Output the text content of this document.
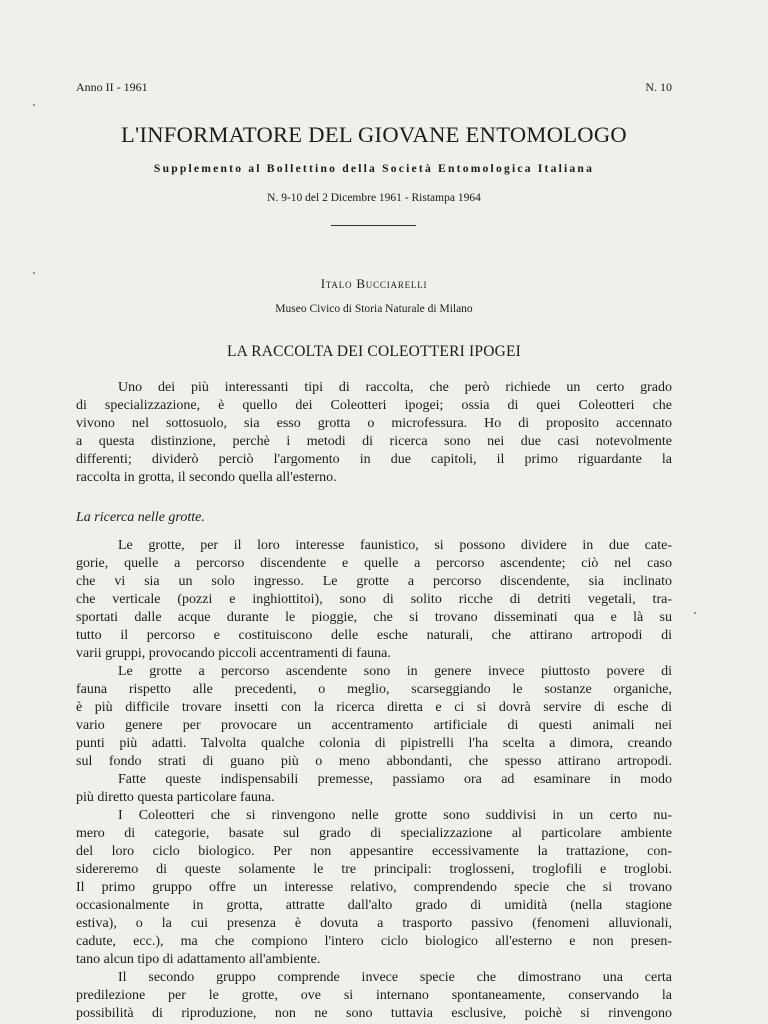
Anno II - 1961	N. 10
L'INFORMATORE DEL GIOVANE ENTOMOLOGO
Supplemento al Bollettino della Società Entomologica Italiana
N. 9-10 del 2 Dicembre 1961 - Ristampa 1964
Italo Bucciarelli
Museo Civico di Storia Naturale di Milano
LA RACCOLTA DEI COLEOTTERI IPOGEI
Uno dei più interessanti tipi di raccolta, che però richiede un certo grado
di specializzazione, è quello dei Coleotteri ipogei; ossia di quei Coleotteri che
vivono nel sottosuolo, sia esso grotta o microfessura. Ho di proposito accennato
a questa distinzione, perchè i metodi di ricerca sono nei due casi notevolmente
differenti; dividerò perciò l'argomento in due capitoli, il primo riguardante la
raccolta in grotta, il secondo quella all'esterno.
La ricerca nelle grotte.
Le grotte, per il loro interesse faunistico, si possono dividere in due cate-
gorie, quelle a percorso discendente e quelle a percorso ascendente; ciò nel caso
che vi sia un solo ingresso. Le grotte a percorso discendente, sia inclinato
che verticale (pozzi e inghiottitoi), sono di solito ricche di detriti vegetali, tra-
sportati dalle acque durante le pioggie, che si trovano disseminati qua e là su
tutto il percorso e costituiscono delle esche naturali, che attirano artropodi di
varii gruppi, provocando piccoli accentramenti di fauna.
Le grotte a percorso ascendente sono in genere invece piuttosto povere di
fauna rispetto alle precedenti, o meglio, scarseggiando le sostanze organiche,
è più difficile trovare insetti con la ricerca diretta e ci si dovrà servire di esche di
vario genere per provocare un accentramento artificiale di questi animali nei
punti più adatti. Talvolta qualche colonia di pipistrelli l'ha scelta a dimora, creando
sul fondo strati di guano più o meno abbondanti, che spesso attirano artropodi.
Fatte queste indispensabili premesse, passiamo ora ad esaminare in modo
più diretto questa particolare fauna.
I Coleotteri che si rinvengono nelle grotte sono suddivisi in un certo nu-
mero di categorie, basate sul grado di specializzazione al particolare ambiente
del loro ciclo biologico. Per non appesantire eccessivamente la trattazione, con-
sidereremo di queste solamente le tre principali: troglosseni, troglofili e troglobi.
Il primo gruppo offre un interesse relativo, comprendendo specie che si trovano
occasionalmente in grotta, attratte dall'alto grado di umidità (nella stagione
estiva), o la cui presenza è dovuta a trasporto passivo (fenomeni alluvionali,
cadute, ecc.), ma che compiono l'intero ciclo biologico all'esterno e non presen-
tano alcun tipo di adattamento all'ambiente.
Il secondo gruppo comprende invece specie che dimostrano una certa
predilezione per le grotte, ove si internano spontaneamente, conservando la
possibilità di riproduzione, non ne sono tuttavia esclusive, poichè si rinvengono
